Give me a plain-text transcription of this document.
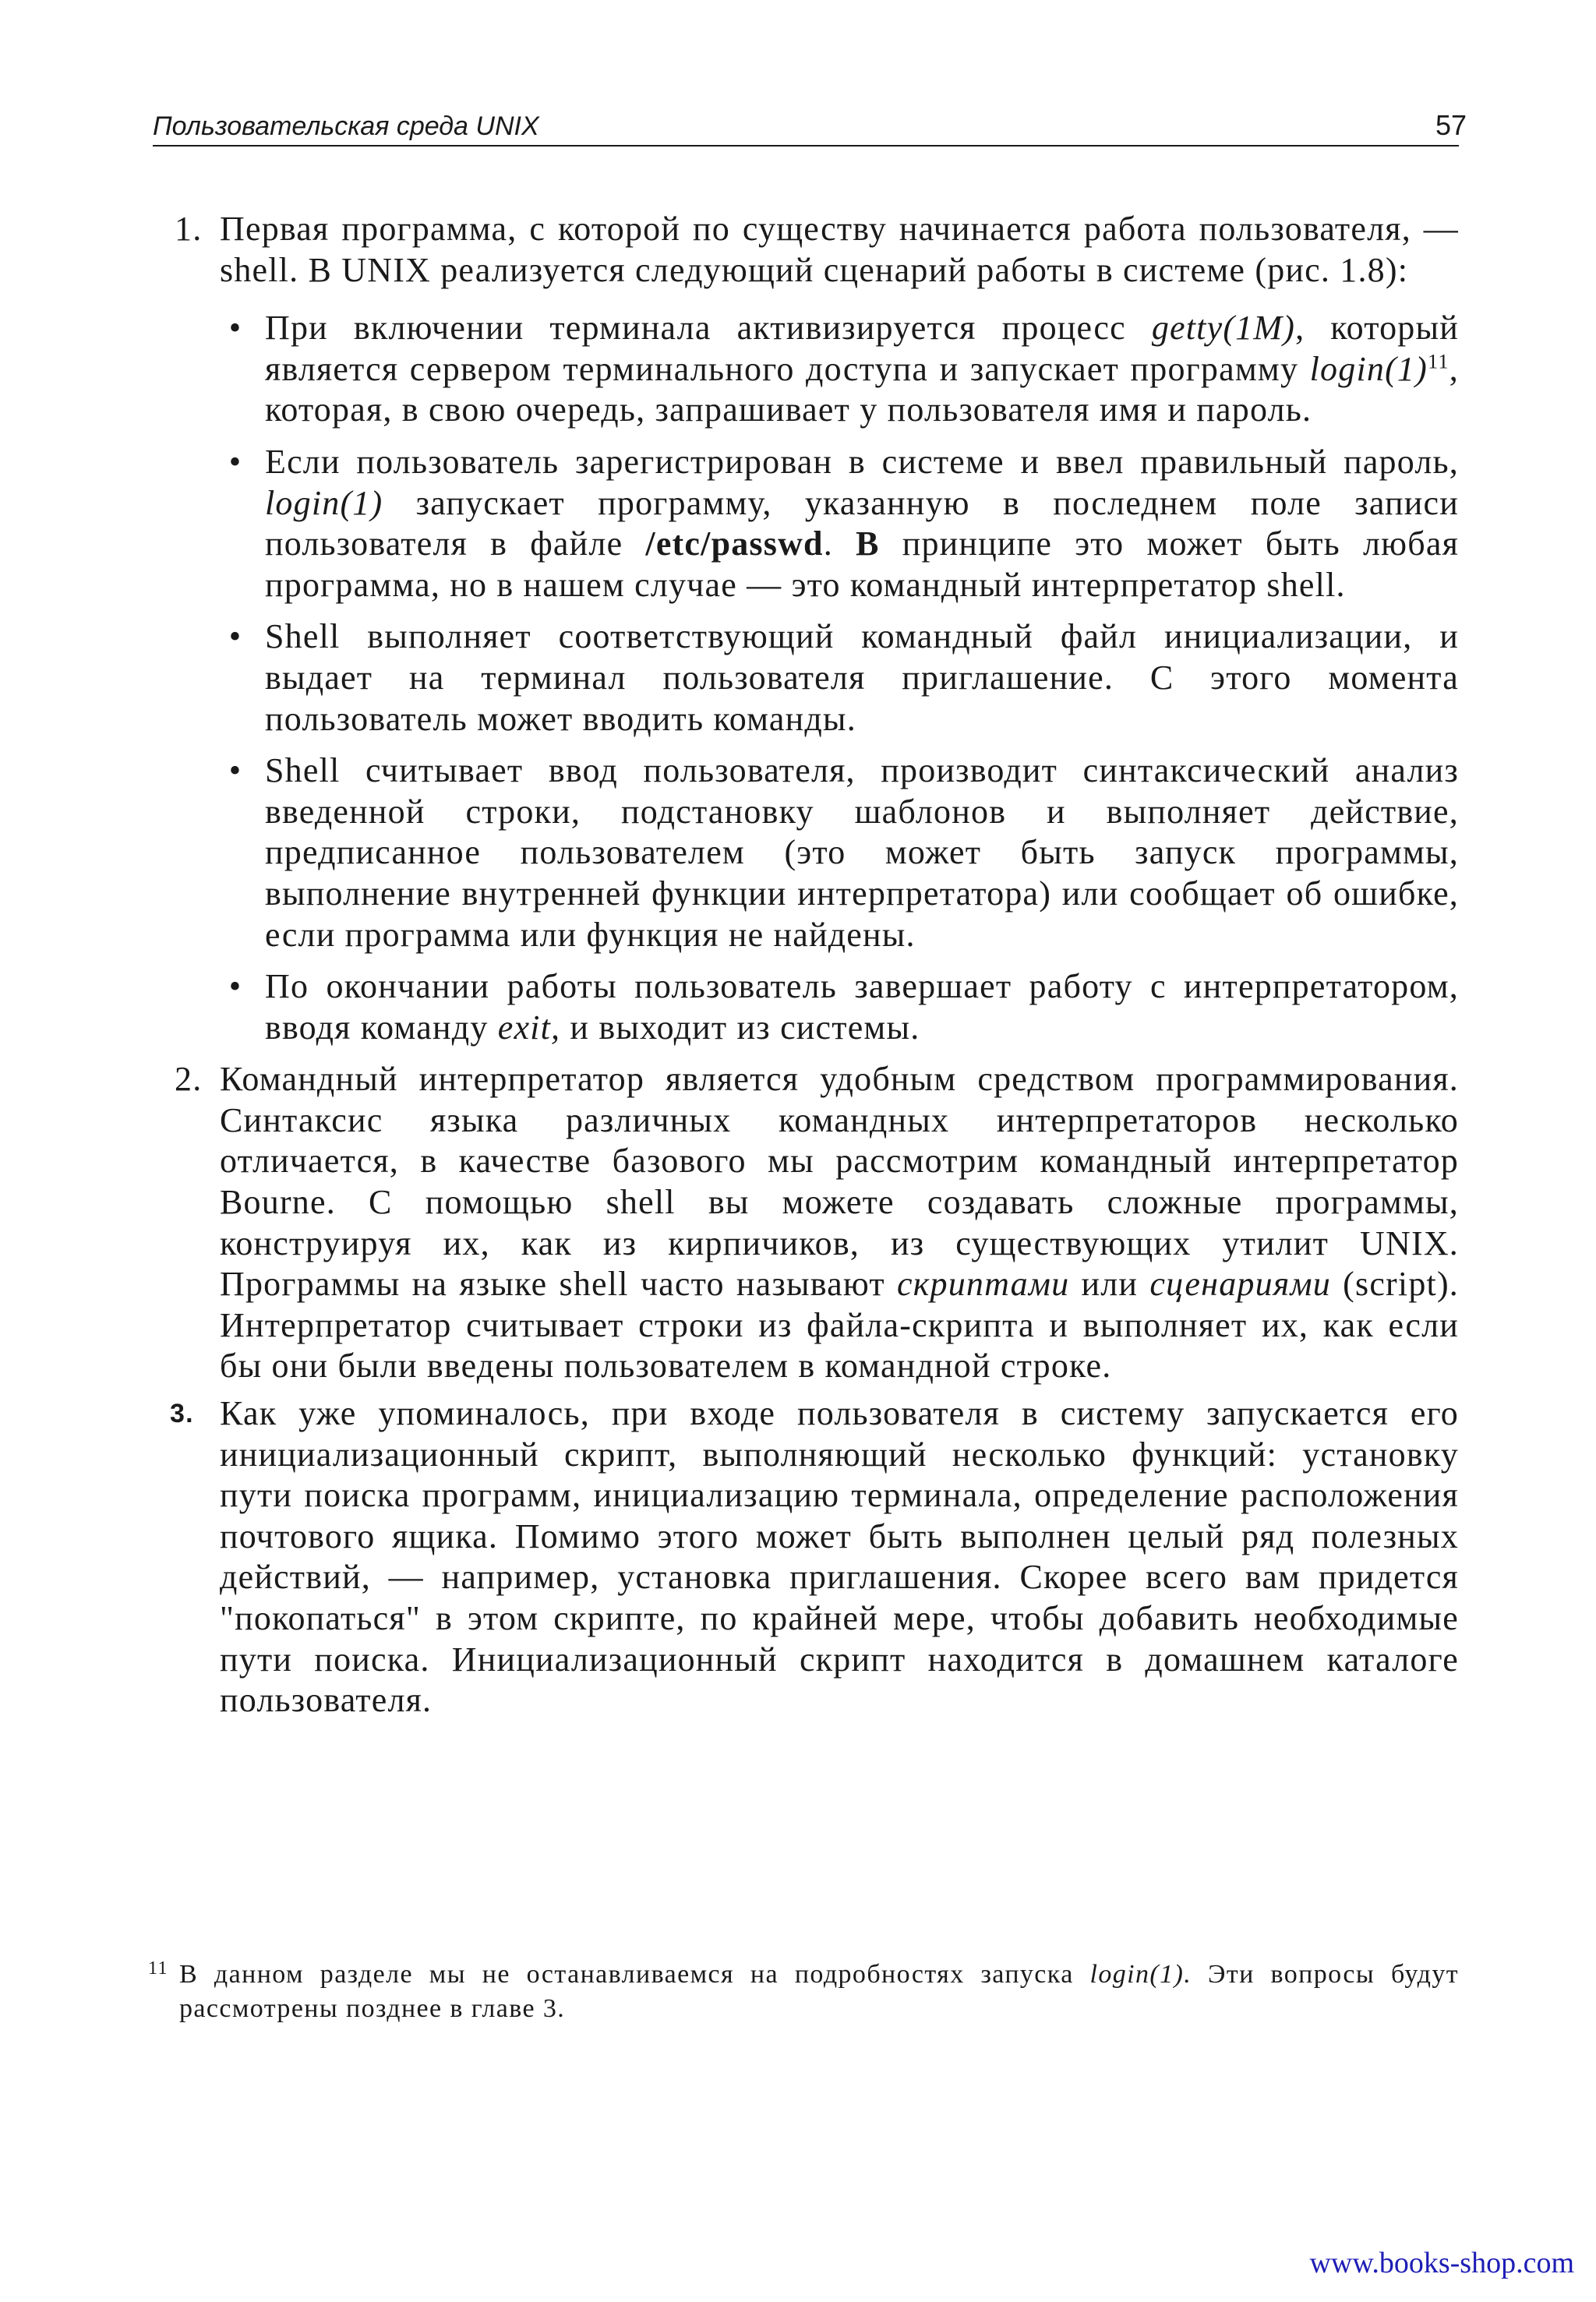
Пользовательская среда UNIX	57
1. Первая программа, с которой по существу начинается работа пользователя, — shell. В UNIX реализуется следующий сценарий работы в системе (рис. 1.8):

• При включении терминала активизируется процесс getty(1M), который является сервером терминального доступа и запускает программу $login(1)^{11}$, которая, в свою очередь, запрашивает у пользователя имя и пароль.
• Если пользователь зарегистрирован в системе и ввел правильный пароль, login(1) запускает программу, указанную в последнем поле записи пользователя в файле /etc/passwd. В принципе это может быть любая программа, но в нашем случае — это командный интерпретатор shell.
• Shell выполняет соответствующий командный файл инициализации, и выдает на терминал пользователя приглашение. С этого момента пользователь может вводить команды.
• Shell считывает ввод пользователя, производит синтаксический анализ введенной строки, подстановку шаблонов и выполняет действие, предписанное пользователем (это может быть запуск программы, выполнение внутренней функции интерпретатора) или сообщает об ошибке, если программа или функция не найдены.
• По окончании работы пользователь завершает работу с интерпретатором, вводя команду exit, и выходит из системы.
2. Командный интерпретатор является удобным средством программирования. Синтаксис языка различных командных интерпретаторов несколько отличается, в качестве базового мы рассмотрим командный интерпретатор Bourne. С помощью shell вы можете создавать сложные программы, конструируя их, как из кирпичиков, из существующих утилит UNIX. Программы на языке shell часто называют скриптами или сценариями (script). Интерпретатор считывает строки из файла-скрипта и выполняет их, как если бы они были введены пользователем в командной строке.

3. Как уже упоминалось, при входе пользователя в систему запускается его инициализационный скрипт, выполняющий несколько функций: установку пути поиска программ, инициализацию терминала, определение расположения почтового ящика. Помимо этого может быть выполнен целый ряд полезных действий, — например, установка приглашения. Скорее всего вам придется "покопаться" в этом скрипте, по крайней мере, чтобы добавить необходимые пути поиска. Инициализационный скрипт находится в домашнем каталоге пользователя.

11 В данном разделе мы не останавливаемся на подробностях запуска login(1). Эти вопросы будут рассмотрены позднее в главе 3.

www.books-shop.com
